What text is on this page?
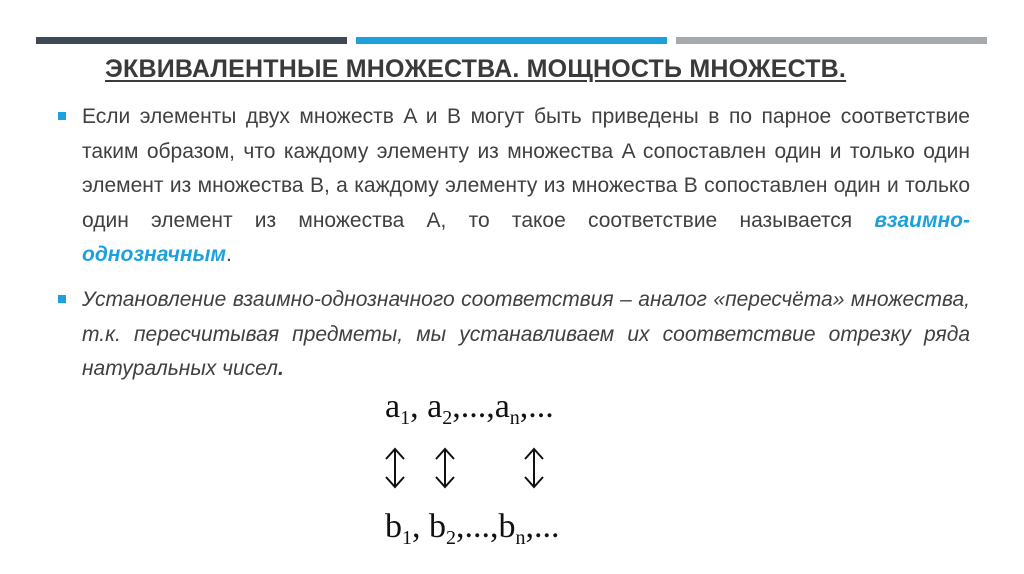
ЭКВИВАЛЕНТНЫЕ МНОЖЕСТВА. МОЩНОСТЬ МНОЖЕСТВ.
Если элементы двух множеств A и B могут быть приведены в по парное соответствие таким образом, что каждому элементу из множества A сопоставлен один и только один элемент из множества B, а каждому элементу из множества B сопоставлен один и только один элемент из множества A, то такое соответствие называется взаимно-однозначным.
Установление взаимно-однозначного соответствия – аналог «пересчёта» множества, т.к. пересчитывая предметы, мы устанавливаем их соответствие отрезку ряда натуральных чисел.
$a_1$, $a_2,...,a_n$,...
$b_1$, $b_2,...,b_n$,...
